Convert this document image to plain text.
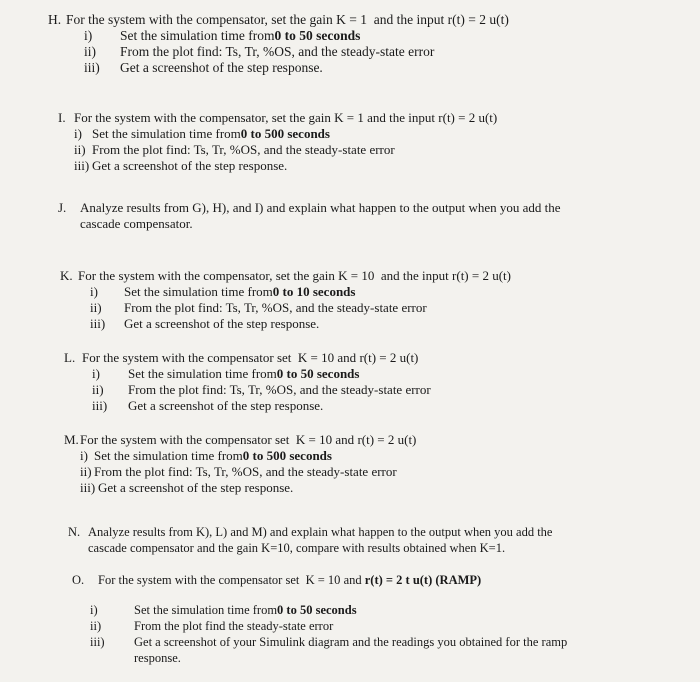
H. For the system with the compensator, set the gain
K = 1
and the input
r(t) = 2 u(t)
i)	Set the simulation time from 0 to 50 seconds
ii)	From the plot find: Ts, Tr, %OS, and the steady-state error
iii)	Get a screenshot of the step response.
I. For the system with the compensator, set the gain
K = 1
and the input
r(t) = 2 u(t)
i) Set the simulation time from 0 to 500 seconds
ii) From the plot find: Ts, Tr, %OS, and the steady-state error
iii) Get a screenshot of the step response.
J.	Analyze results from G), H), and I) and explain what happen to the output when you add the
cascade compensator.
K. For the system with the compensator, set the gain
K = 10
and the input
r(t) = 2 u(t)
i)	Set the simulation time from 0 to 10 seconds
ii)	From the plot find: Ts, Tr, %OS, and the steady-state error
iii)	Get a screenshot of the step response.
L. For the system with the compensator set
K = 10
and
r(t) = 2 u(t)
i)	Set the simulation time from 0 to 50 seconds
ii)	From the plot find: Ts, Tr, %OS, and the steady-state error
iii)	Get a screenshot of the step response.
M. For the system with the compensator set
K = 10
and
r(t) = 2 u(t)
i) Set the simulation time from 0 to 500 seconds
ii) From the plot find: Ts, Tr, %OS, and the steady-state error
iii) Get a screenshot of the step response.
N. Analyze results from K), L) and M) and explain what happen to the output when you add the
cascade compensator and the gain K=10, compare with results obtained when K=1.
O.	For the system with the compensator set
K = 10
and
r(t) = 2 t u(t) (RAMP)
i)	Set the simulation time from 0 to 50 seconds
ii)	From the plot find the steady-state error
iii)	Get a screenshot of your Simulink diagram and the readings you obtained for the ramp
response.
